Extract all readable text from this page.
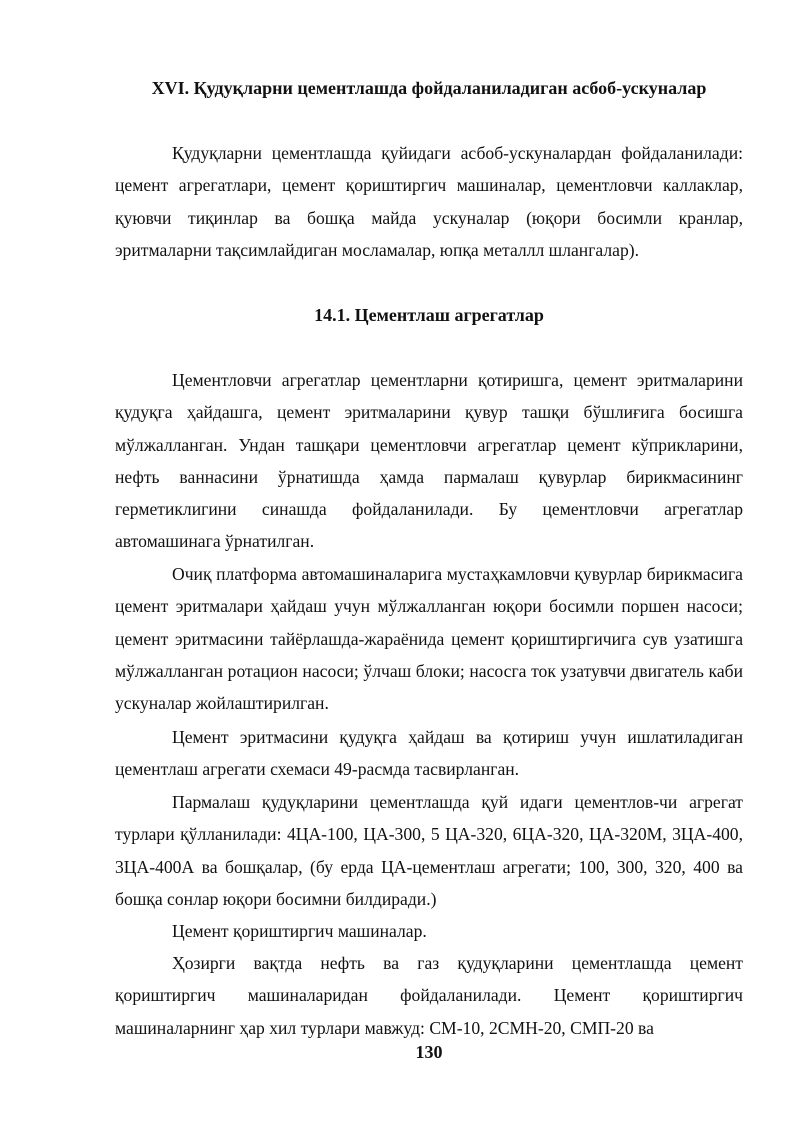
XVI. Қудуқларни цементлашда фойдаланиладиган асбоб-ускуналар

Қудуқларни цементлашда қуйидаги асбоб-ускуналардан фойдаланилади: цемент агрегатлари, цемент қориштиргич машиналар, цементловчи каллаклар, қуювчи тиқинлар ва бошқа майда ускуналар (юқори босимли кранлар, эритмаларни тақсимлайдиган мосламалар, юпқа металлл шлангалар).

14.1. Цементлаш агрегатлар

Цементловчи агрегатлар цементларни қотиришга, цемент эритмаларини қудуқга ҳайдашга, цемент эритмаларини қувур ташқи бўшлиғига босишга мўлжалланган. Ундан ташқари цементловчи агрегатлар цемент кўприкларини, нефть ваннасини ўрнатишда ҳамда пармалаш қувурлар бирикмасининг герметиклигини синашда фойдаланилади. Бу цементловчи агрегатлар автомашинага ўрнатилган.

Очиқ платформа автомашиналарига мустаҳкамловчи қувурлар бирикмасига цемент эритмалари ҳайдаш учун мўлжалланган юқори босимли поршен насоси; цемент эритмасини тайёрлашда-жараёнида цемент қориштиргичига сув узатишга мўлжалланган ротацион насоси; ўлчаш блоки; насосга ток узатувчи двигатель каби ускуналар жойлаштирилган.

Цемент эритмасини қудуқга ҳайдаш ва қотириш учун ишлатиладиган цементлаш агрегати схемаси 49-расмда тасвирланган.

Пармалаш қудуқларини цементлашда қуй идаги цементлов-чи агрегат турлари қўлланилади: 4ЦА-100, ЦА-300, 5 ЦА-320, 6ЦА-320, ЦА-320М, 3ЦА-400, 3ЦА-400А ва бошқалар, (бу ерда ЦА-цементлаш агрегати; 100, 300, 320, 400 ва бошқа сонлар юқори босимни билдиради.)

Цемент қориштиргич машиналар.

Ҳозирги вақтда нефть ва газ қудуқларини цементлашда цемент қориштиргич машиналаридан фойдаланилади. Цемент қориштиргич машиналарнинг ҳар хил турлари мавжуд: СМ-10, 2СМН-20, СМП-20 ва

130
